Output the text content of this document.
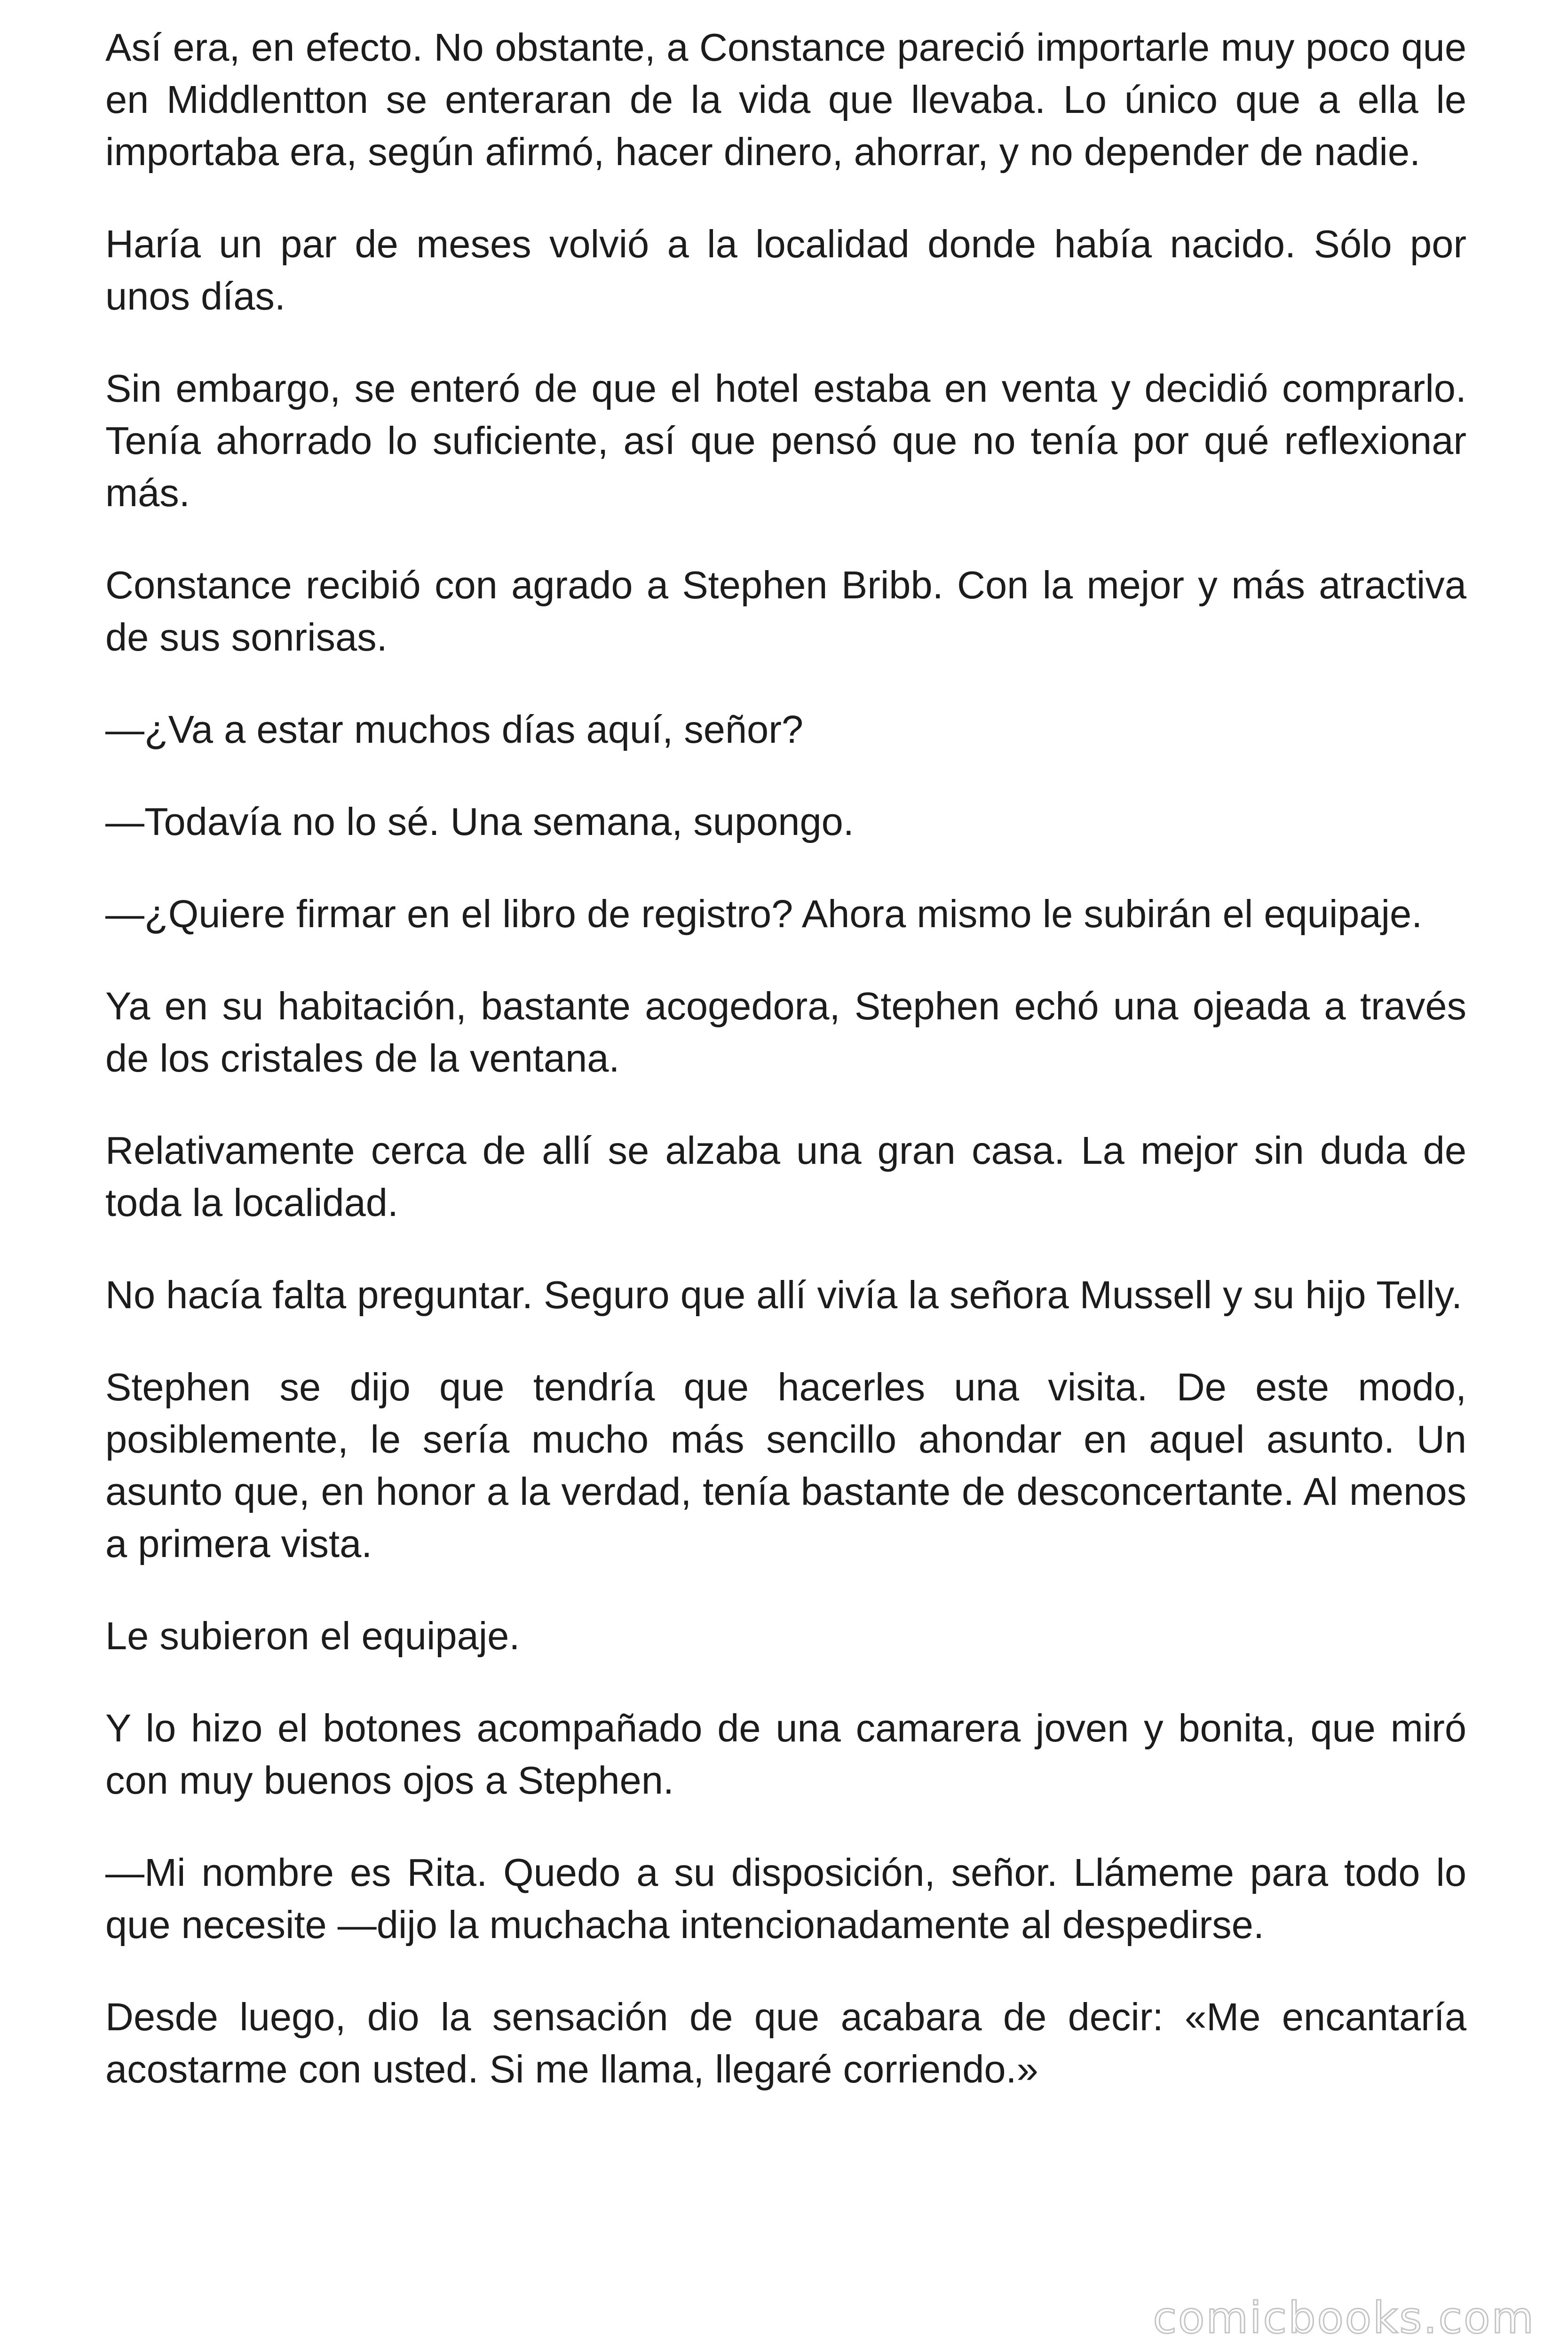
Así era, en efecto. No obstante, a Constance pareció importarle muy poco que en Middlentton se enteraran de la vida que llevaba. Lo único que a ella le importaba era, según afirmó, hacer dinero, ahorrar, y no depender de nadie.

Haría un par de meses volvió a la localidad donde había nacido. Sólo por unos días.

Sin embargo, se enteró de que el hotel estaba en venta y decidió comprarlo. Tenía ahorrado lo suficiente, así que pensó que no tenía por qué reflexionar más.

Constance recibió con agrado a Stephen Bribb. Con la mejor y más atractiva de sus sonrisas.

—¿Va a estar muchos días aquí, señor?

—Todavía no lo sé. Una semana, supongo.

—¿Quiere firmar en el libro de registro? Ahora mismo le subirán el equipaje.

Ya en su habitación, bastante acogedora, Stephen echó una ojeada a través de los cristales de la ventana.

Relativamente cerca de allí se alzaba una gran casa. La mejor sin duda de toda la localidad.

No hacía falta preguntar. Seguro que allí vivía la señora Mussell y su hijo Telly.

Stephen se dijo que tendría que hacerles una visita. De este modo, posiblemente, le sería mucho más sencillo ahondar en aquel asunto. Un asunto que, en honor a la verdad, tenía bastante de desconcertante. Al menos a primera vista.

Le subieron el equipaje.

Y lo hizo el botones acompañado de una camarera joven y bonita, que miró con muy buenos ojos a Stephen.

—Mi nombre es Rita. Quedo a su disposición, señor. Llámeme para todo lo que necesite —dijo la muchacha intencionadamente al despedirse.

Desde luego, dio la sensación de que acabara de decir: «Me encantaría acostarme con usted. Si me llama, llegaré corriendo.»

comicbooks.com
